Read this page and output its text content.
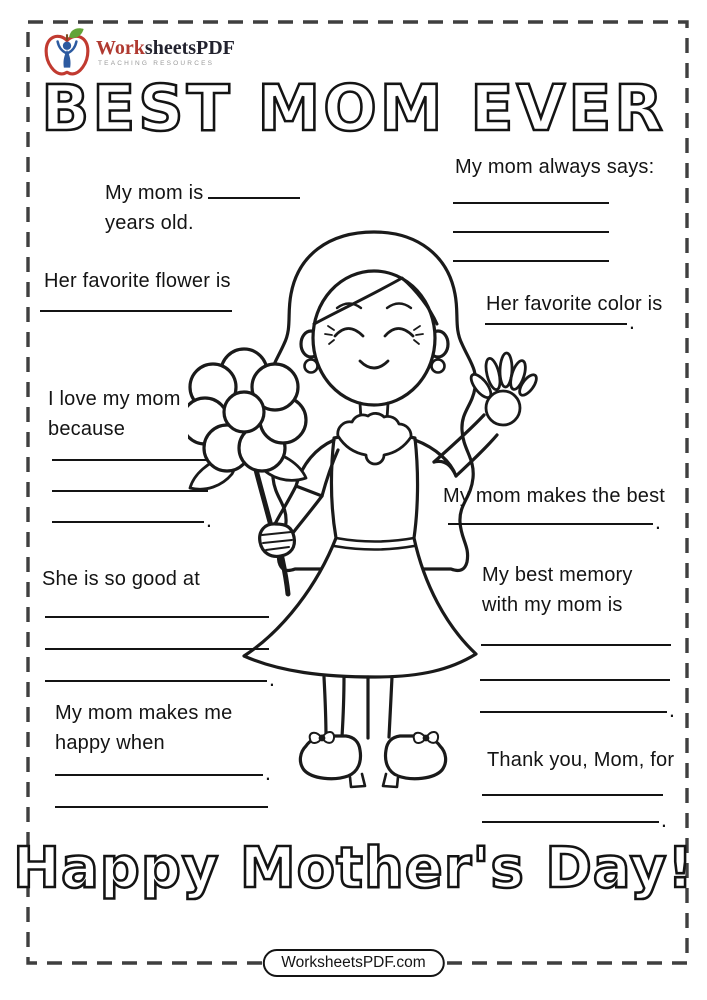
WorksheetsPDF
TEACHING RESOURCES
BEST MOM EVER
My mom is
years old.
Her favorite flower is
I love my mom
because
.
She is so good at
.
My mom makes me
happy when
.
My mom always says:
Her favorite color is
.
My mom makes the best
.
My best memory
with my mom is
.
Thank you, Mom, for
.
Happy Mother's Day!
WorksheetsPDF.com
